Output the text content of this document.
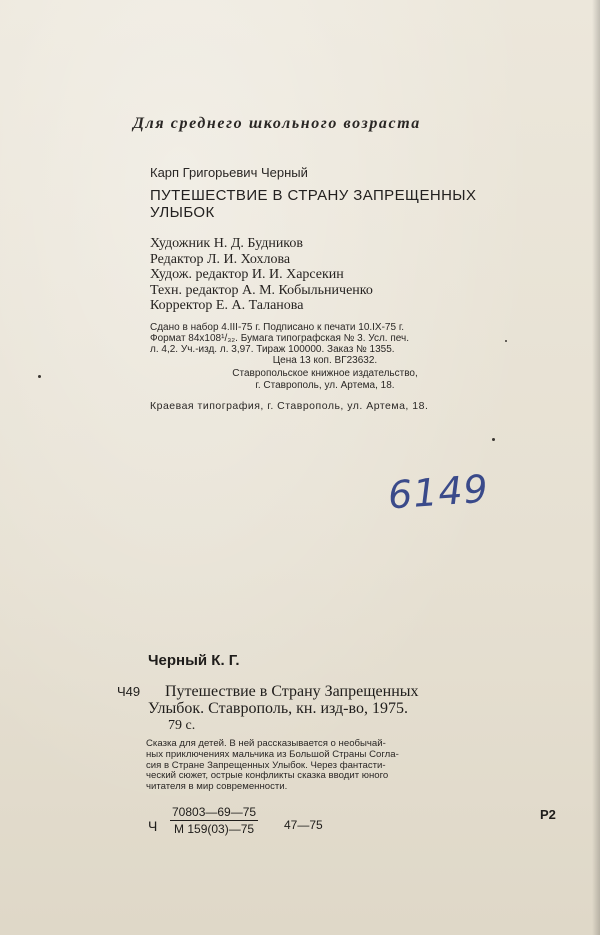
Для среднего школьного возраста
Карп Григорьевич Черный
ПУТЕШЕСТВИЕ В СТРАНУ ЗАПРЕЩЕННЫХ
УЛЫБОК
Художник Н. Д. Будников
Редактор Л. И. Хохлова
Худож. редактор И. И. Харсекин
Техн. редактор А. М. Кобыльниченко
Корректор Е. А. Таланова
Сдано в набор 4.III-75 г. Подписано к печати 10.IX-75 г.
Формат 84x108¹/₃₂. Бумага типографская № 3. Усл. печ.
л. 4,2. Уч.-изд. л. 3,97. Тираж 100000. Заказ № 1355.
Цена 13 коп. ВГ23632.
Ставропольское книжное издательство,
г. Ставрополь, ул. Артема, 18.
Краевая типография, г. Ставрополь, ул. Артема, 18.
6149
Черный К. Г.
Ч49 Путешествие в Страну Запрещенных
Улыбок. Ставрополь, кн. изд-во, 1975.
79 с.
Сказка для детей. В ней рассказывается о необычай-
ных приключениях мальчика из Большой Страны Согла-
сия в Стране Запрещенных Улыбок. Через фантасти-
ческий сюжет, острые конфликты сказка вводит юного
читателя в мир современности.
Ч
70803—69—75
М 159(03)—75	47—75
Р2
